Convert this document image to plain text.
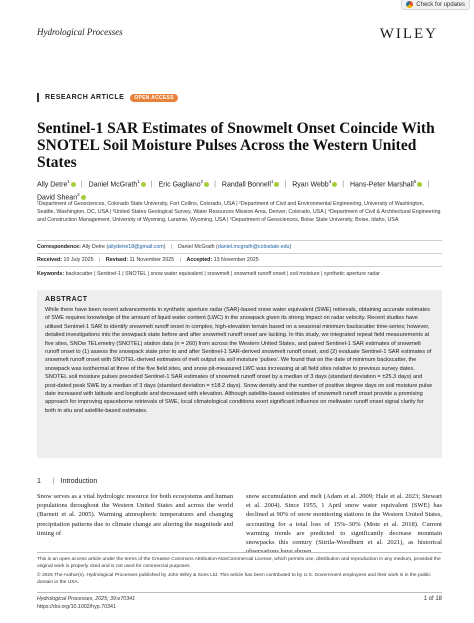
Check for updates
Hydrological Processes	WILEY
RESEARCH ARTICLE	OPEN ACCESS
Sentinel-1 SAR Estimates of Snowmelt Onset Coincide With SNOTEL Soil Moisture Pulses Across the Western United States
Ally Detre$^1$ | Daniel McGrath$^1$ | Eric Gagliano$^2$ | Randall Bonnell$^1$ | Ryan Webb$^4$ | Hans-Peter Marshall$^5$ |
David Shean$^2$
¹Department of Geosciences, Colorado State University, Fort Collins, Colorado, USA | ²Department of Civil and Environmental Engineering, University of Washington, Seattle, Washington, DC, USA | ³United States Geological Survey, Water Resources Mission Area, Denver, Colorado, USA | ⁴Department of Civil & Architectural Engineering and Construction Management, University of Wyoming, Laramie, Wyoming, USA | ⁵Department of Geosciences, Boise State University, Boise, Idaho, USA
Correspondence: Ally Detre (allydetre18@gmail.com) | Daniel McGrath (daniel.mcgrath@colostate.edu)
Received: 10 July 2025 | Revised: 11 November 2025 | Accepted: 13 November 2025
Keywords: backscatter | Sentinel-1 | SNOTEL | snow water equivalent | snowmelt | snowmelt runoff onset | soil moisture | synthetic aperture radar
ABSTRACT

While there have been recent advancements in synthetic aperture radar (SAR)-based snow water equivalent (SWE) retrievals, obtaining accurate estimates of SWE requires knowledge of the amount of liquid water content (LWC) in the snowpack given its strong impact on radar velocity. Recent studies have utilised Sentinel-1 SAR to identify snowmelt runoff onset in complex, high-elevation terrain based on a seasonal minimum backscatter time-series; however, detailed investigations into the snowpack state before and after snowmelt runoff onset are lacking. In this study, we integrated repeat field measurements at five sites, SNOw TELemetry (SNOTEL) station data (n = 260) from across the Western United States, and paired Sentinel-1 SAR estimates of snowmelt runoff onset to (1) assess the snowpack state prior to and after Sentinel-1 SAR-derived snowmelt runoff onset, and (2) evaluate Sentinel-1 SAR estimates of snowmelt runoff onset with SNOTEL-derived estimates of melt output via soil moisture 'pulses'. We found that on the date of minimum backscatter, the snowpack was isothermal at three of the five field sites, and snow pit-measured LWC was increasing at all field sites relative to previous survey dates. SNOTEL soil moisture pulses preceded Sentinel-1 SAR estimates of snowmelt runoff onset by a median of 3 days (standard deviation = ±25.3 days) and post-dated peak SWE by a median of 3 days (standard deviation = ±18.2 days). Snow density and the number of positive degree days on soil moisture pulse date increased with latitude and longitude and decreased with elevation. Although satellite-based estimates of snowmelt runoff onset provide a promising approach for improving spaceborne retrievals of SWE, local climatological conditions exert significant influence on meltwater runoff onset signal clarity for both in situ and satellite-based estimates.

1 | Introduction

Snow serves as a vital hydrologic resource for both ecosystems and human populations throughout the Western United States and across the world (Barnett et al. 2005). Warming atmospheric temperatures and changing precipitation patterns due to climate change are altering the magnitude and timing of

snow accumulation and melt (Adam et al. 2009; Hale et al. 2023; Stewart et al. 2004). Since 1955, 1 April snow water equivalent (SWE) has declined at 90% of snow monitoring stations in the Western United States, accounting for a total loss of 15%–30% (Mote et al. 2018). Current warming trends are predicted to significantly decrease mountain snowpacks this century (Siirila-Woodburn et al. 2021), as historical

This is an open access article under the terms of the Creative Commons Attribution-NonCommercial License, which permits use, distribution and reproduction in any medium, provided the original work is properly cited and is not used for commercial purposes.

© 2025 The Author(s). Hydrological Processes published by John Wiley & Sons Ltd. This article has been contributed to by U.S. Government employees and their work is in the public domain in the USA.

Hydrological Processes, 2025; 39:e70341
https://doi.org/10.1002/hyp.70341
1 of 18
